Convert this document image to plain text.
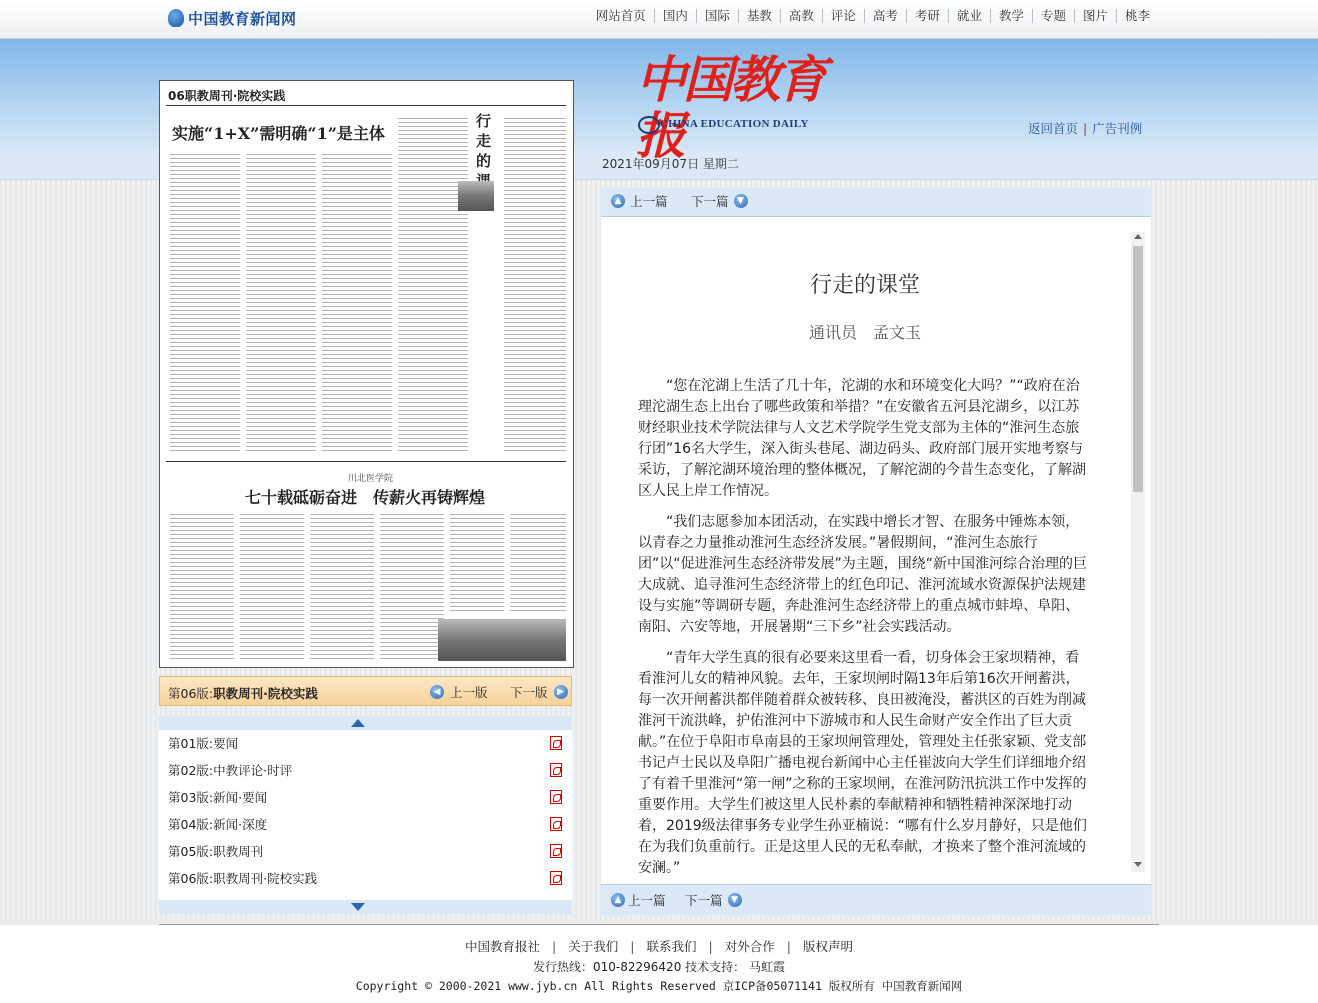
中国教育新闻网	网站首页	国内	国际	基教	高教	评论	高考	考研	就业	教学	专题	图片	桃李
中国教育报
CHINA EDUCATION DAILY	返回首页 | 广告刊例
2021年09月07日 星期二
06职教周刊·院校实践
实施“1+X”需明确“1”是主体
行走的
川北医学院
七十载砥砺奋进　传薪火再铸辉煌
第06版:职教周刊·院校实践	◀ 上一版 下一版	▶
第01版:要闻
第02版:中教评论·时评
第03版:新闻·要闻
第04版:新闻·深度
第05版:职教周刊
第06版:职教周刊·院校实践
▲ 上一篇 下一篇 ▼
行走的课堂
通讯员　孟文玉

“您在沱湖上生活了几十年，沱湖的水和环境变化大吗？”“政府在治理沱湖生态上出台了哪些政策和举措？”在安徽省五河县沱湖乡，以江苏财经职业技术学院法律与人文艺术学院学生党支部为主体的“淮河生态旅行团”16名大学生，深入街头巷尾、湖边码头、政府部门展开实地考察与采访，了解沱湖环境治理的整体概况，了解沱湖的今昔生态变化，了解湖区人民上岸工作情况。

“我们志愿参加本团活动，在实践中增长才智、在服务中锤炼本领，以青春之力量推动淮河生态经济发展。”暑假期间，“淮河生态旅行团”以“促进淮河生态经济带发展”为主题，围绕“新中国淮河综合治理的巨大成就、追寻淮河生态经济带上的红色印记、淮河流域水资源保护法规建设与实施”等调研专题，奔赴淮河生态经济带上的重点城市蚌埠、阜阳、南阳、六安等地，开展暑期“三下乡”社会实践活动。

“青年大学生真的很有必要来这里看一看，切身体会王家坝精神，看看淮河儿女的精神风貌。去年，王家坝闸时隔13年后第16次开闸蓄洪，每一次开闸蓄洪都伴随着群众被转移、良田被淹没，蓄洪区的百姓为削减淮河干流洪峰，护佑淮河中下游城市和人民生命财产安全作出了巨大贡献。”在位于阜阳市阜南县的王家坝闸管理处，管理处主任张家颖、党支部书记卢士民以及阜阳广播电视台新闻中心主任崔波向大学生们详细地介绍了有着千里淮河“第一闸”之称的王家坝闸，在淮河防汛抗洪工作中发挥的重要作用。大学生们被这里人民朴素的奉献精神和牺牲精神深深地打动着，2019级法律事务专业学生孙亚楠说：“哪有什么岁月静好，只是他们在为我们负重前行。正是这里人民的无私奉献，才换来了整个淮河流域的安澜。”

▲ 上一篇 下一篇 ▼
中国教育报社 | 关于我们 | 联系我们 | 对外合作 | 版权声明
发行热线：010-82296420 技术支持： 马虹霞
Copyright © 2000-2021 www.jyb.cn All Rights Reserved 京ICP备05071141 版权所有 中国教育新闻网
